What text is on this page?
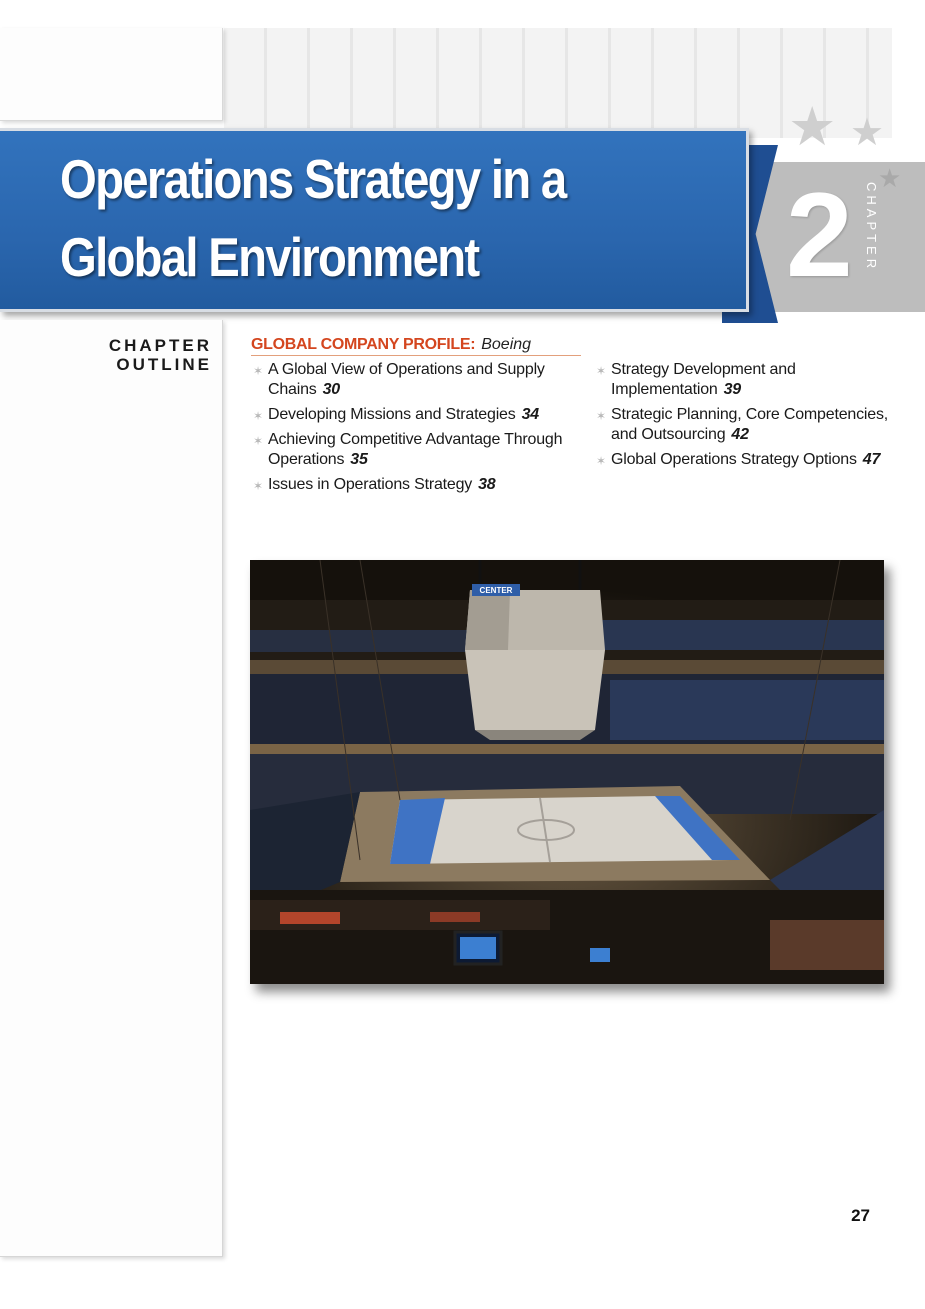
★ ★
★
Operations Strategy in a Global Environment	2 CHAPTER
CHAPTER
OUTLINE
GLOBAL COMPANY PROFILE: Boeing
✶ A Global View of Operations and Supply Chains 30
✶ Developing Missions and Strategies 34
✶ Achieving Competitive Advantage Through Operations 35
✶ Issues in Operations Strategy 38
✶ Strategy Development and Implementation 39
✶ Strategic Planning, Core Competencies, and Outsourcing 42
✶ Global Operations Strategy Options 47
CENTER
27
